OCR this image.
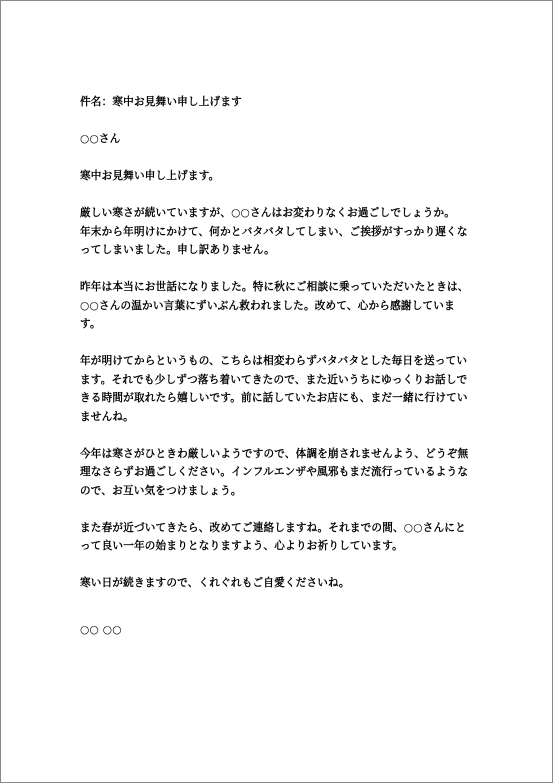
件名：寒中お見舞い申し上げます

○○さん

寒中お見舞い申し上げます。

厳しい寒さが続いていますが、○○さんはお変わりなくお過ごしでしょうか。
年末から年明けにかけて、何かとバタバタしてしまい、ご挨拶がすっかり遅くなってしまいました。申し訳ありません。

昨年は本当にお世話になりました。特に秋にご相談に乗っていただいたときは、○○さんの温かい言葉にずいぶん救われました。改めて、心から感謝しています。

年が明けてからというもの、こちらは相変わらずバタバタとした毎日を送っています。それでも少しずつ落ち着いてきたので、また近いうちにゆっくりお話しできる時間が取れたら嬉しいです。前に話していたお店にも、まだ一緒に行けていませんね。

今年は寒さがひときわ厳しいようですので、体調を崩されませんよう、どうぞ無理なさらずお過ごしください。インフルエンザや風邪もまだ流行っているようなので、お互い気をつけましょう。

また春が近づいてきたら、改めてご連絡しますね。それまでの間、○○さんにとって良い一年の始まりとなりますよう、心よりお祈りしています。

寒い日が続きますので、くれぐれもご自愛くださいね。

○○ ○○
